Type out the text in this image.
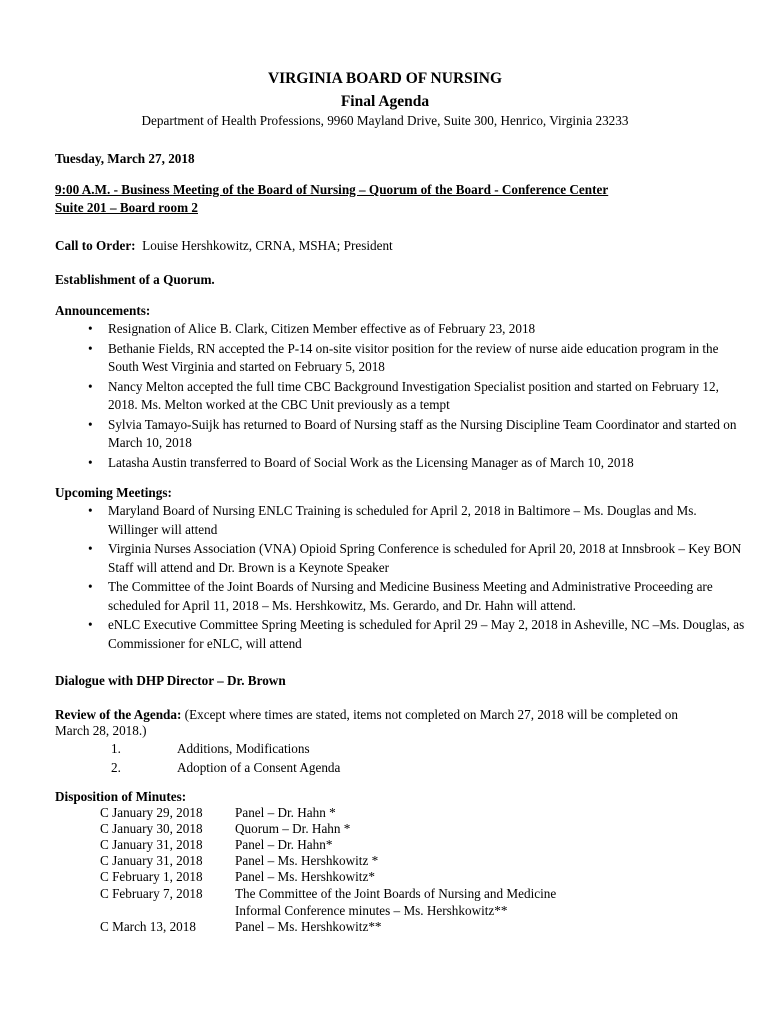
VIRGINIA BOARD OF NURSING
Final Agenda
Department of Health Professions, 9960 Mayland Drive, Suite 300, Henrico, Virginia 23233
Tuesday, March 27, 2018
9:00 A.M. - Business Meeting of the Board of Nursing – Quorum of the Board - Conference Center
Suite 201 – Board room 2
Call to Order: Louise Hershkowitz, CRNA, MSHA; President
Establishment of a Quorum.
Announcements:
• Resignation of Alice B. Clark, Citizen Member effective as of February 23, 2018
• Bethanie Fields, RN accepted the P-14 on-site visitor position for the review of nurse aide education program in the South West Virginia and started on February 5, 2018
• Nancy Melton accepted the full time CBC Background Investigation Specialist position and started on February 12, 2018. Ms. Melton worked at the CBC Unit previously as a tempt
• Sylvia Tamayo-Suijk has returned to Board of Nursing staff as the Nursing Discipline Team Coordinator and started on March 10, 2018
• Latasha Austin transferred to Board of Social Work as the Licensing Manager as of March 10, 2018
Upcoming Meetings:
• Maryland Board of Nursing ENLC Training is scheduled for April 2, 2018 in Baltimore – Ms. Douglas and Ms. Willinger will attend
• Virginia Nurses Association (VNA) Opioid Spring Conference is scheduled for April 20, 2018 at Innsbrook – Key BON Staff will attend and Dr. Brown is a Keynote Speaker
• The Committee of the Joint Boards of Nursing and Medicine Business Meeting and Administrative Proceeding are scheduled for April 11, 2018 – Ms. Hershkowitz, Ms. Gerardo, and Dr. Hahn will attend.
• eNLC Executive Committee Spring Meeting is scheduled for April 29 – May 2, 2018 in Asheville, NC –Ms. Douglas, as Commissioner for eNLC, will attend
Dialogue with DHP Director – Dr. Brown
Review of the Agenda: (Except where times are stated, items not completed on March 27, 2018 will be completed on
March 28, 2018.)
1.	Additions, Modifications
2.	Adoption of a Consent Agenda
Disposition of Minutes:
C January 29, 2018 Panel – Dr. Hahn *
C January 30, 2018 Quorum – Dr. Hahn *
C January 31, 2018 Panel – Dr. Hahn*
C January 31, 2018 Panel – Ms. Hershkowitz *
C February 1, 2018 Panel – Ms. Hershkowitz*
C February 7, 2018 The Committee of the Joint Boards of Nursing and Medicine
Informal Conference minutes – Ms. Hershkowitz**
C March 13, 2018	Panel – Ms. Hershkowitz**
